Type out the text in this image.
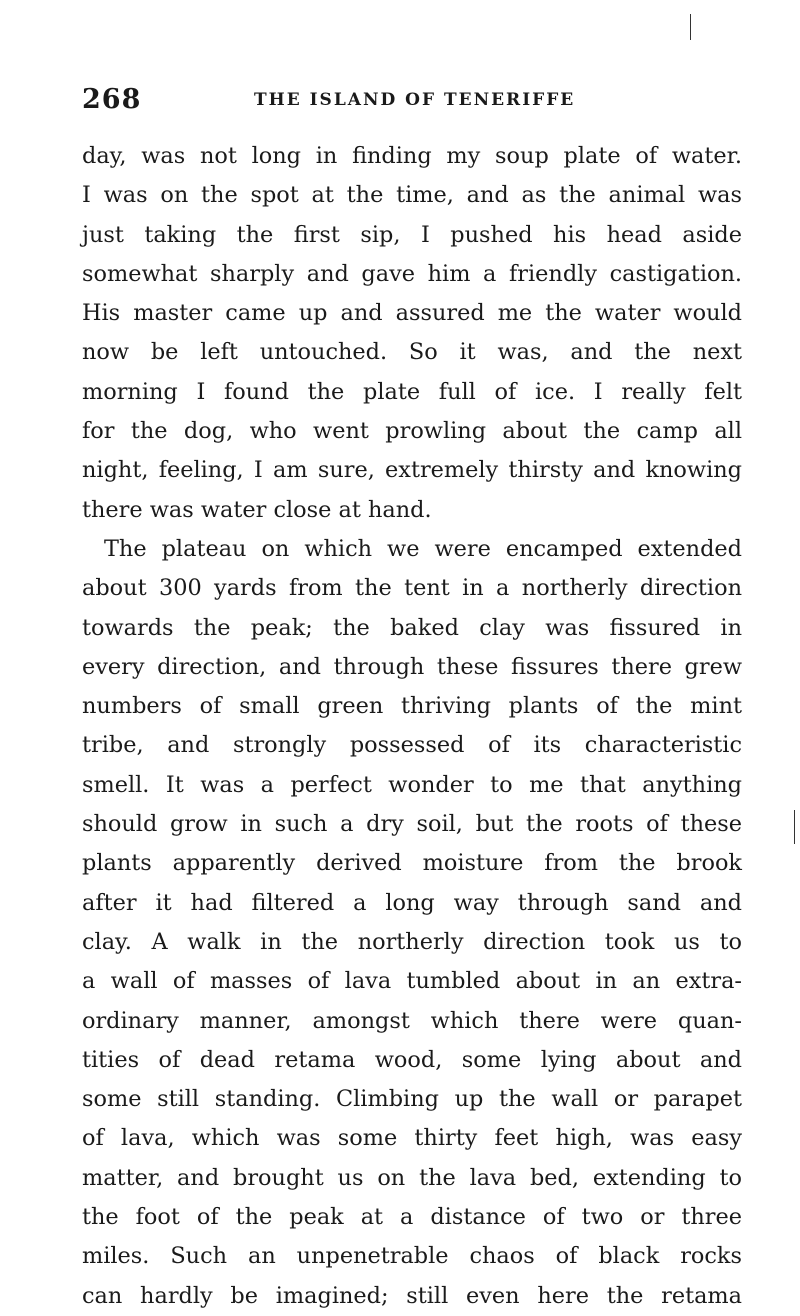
268	THE ISLAND OF TENERIFFE
day, was not long in finding my soup plate of water.
I was on the spot at the time, and as the animal was
just taking the first sip, I pushed his head aside
somewhat sharply and gave him a friendly castigation.
His master came up and assured me the water would
now be left untouched. So it was, and the next
morning I found the plate full of ice. I really felt
for the dog, who went prowling about the camp all
night, feeling, I am sure, extremely thirsty and knowing
there was water close at hand.
The plateau on which we were encamped extended
about 300 yards from the tent in a northerly direction
towards the peak; the baked clay was fissured in
every direction, and through these fissures there grew
numbers of small green thriving plants of the mint
tribe, and strongly possessed of its characteristic
smell. It was a perfect wonder to me that anything
should grow in such a dry soil, but the roots of these
plants apparently derived moisture from the brook
after it had filtered a long way through sand and
clay. A walk in the northerly direction took us to
a wall of masses of lava tumbled about in an extra-
ordinary manner, amongst which there were quan-
tities of dead retama wood, some lying about and
some still standing. Climbing up the wall or parapet
of lava, which was some thirty feet high, was easy
matter, and brought us on the lava bed, extending to
the foot of the peak at a distance of two or three
miles. Such an unpenetrable chaos of black rocks
can hardly be imagined; still even here the retama
